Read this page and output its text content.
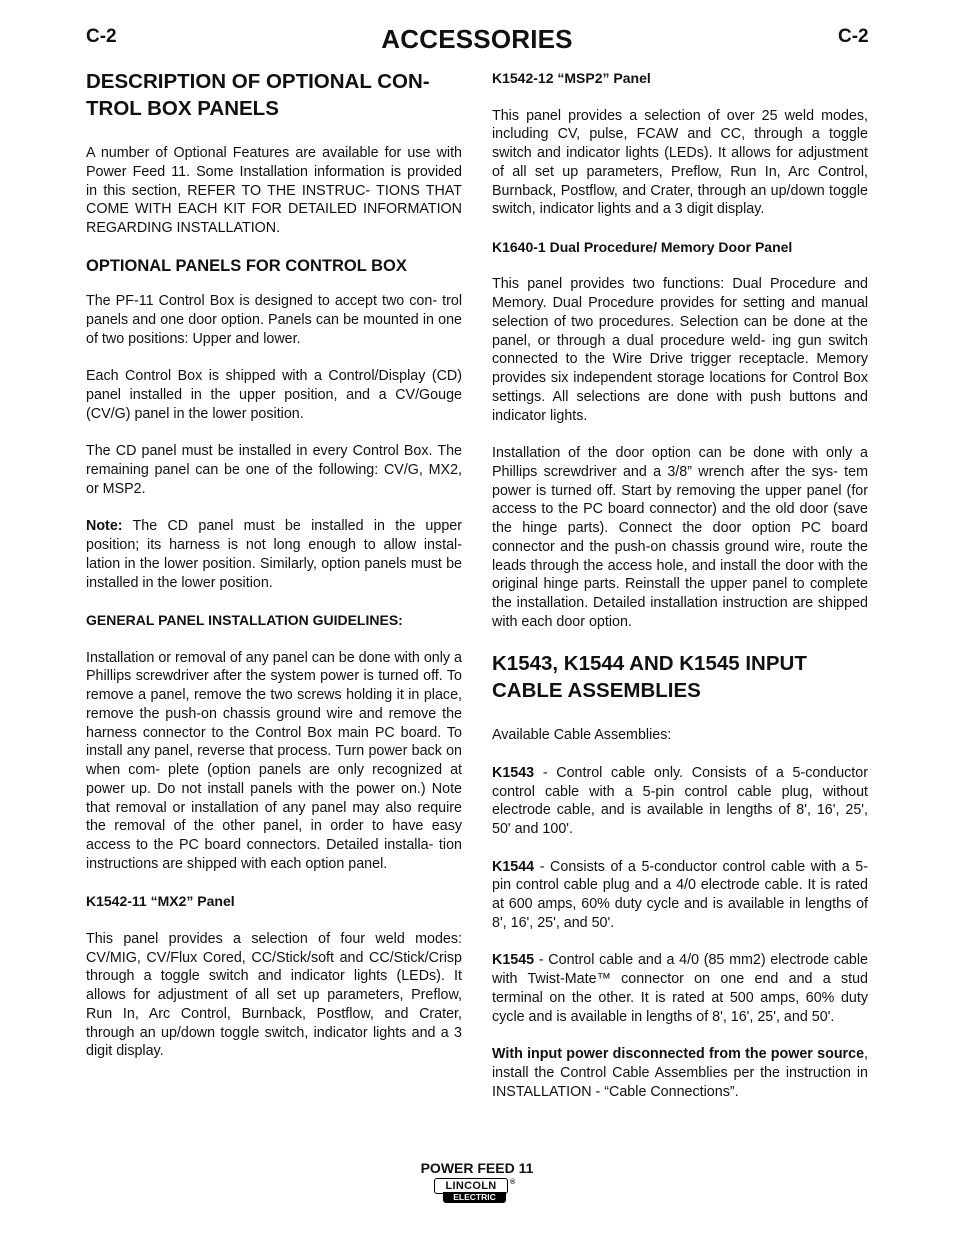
C-2	ACCESSORIES	C-2
DESCRIPTION OF OPTIONAL CON- TROL BOX PANELS

A number of Optional Features are available for use with Power Feed 11. Some Installation information is provided in this section, REFER TO THE INSTRUC- TIONS THAT COME WITH EACH KIT FOR DETAILED INFORMATION REGARDING INSTALLATION.

OPTIONAL PANELS FOR CONTROL BOX

The PF-11 Control Box is designed to accept two con- trol panels and one door option. Panels can be mounted in one of two positions: Upper and lower.

Each Control Box is shipped with a Control/Display (CD) panel installed in the upper position, and a CV/Gouge (CV/G) panel in the lower position.

The CD panel must be installed in every Control Box. The remaining panel can be one of the following: CV/G, MX2, or MSP2.

Note: The CD panel must be installed in the upper position; its harness is not long enough to allow instal- lation in the lower position. Similarly, option panels must be installed in the lower position.

GENERAL PANEL INSTALLATION GUIDELINES:

Installation or removal of any panel can be done with only a Phillips screwdriver after the system power is turned off. To remove a panel, remove the two screws holding it in place, remove the push-on chassis ground wire and remove the harness connector to the Control Box main PC board. To install any panel, reverse that process. Turn power back on when com- plete (option panels are only recognized at power up. Do not install panels with the power on.) Note that removal or installation of any panel may also require the removal of the other panel, in order to have easy access to the PC board connectors. Detailed installa- tion instructions are shipped with each option panel.

K1542-11 “MX2” Panel

This panel provides a selection of four weld modes: CV/MIG, CV/Flux Cored, CC/Stick/soft and CC/Stick/Crisp through a toggle switch and indicator lights (LEDs). It allows for adjustment of all set up parameters, Preflow, Run In, Arc Control, Burnback, Postflow, and Crater, through an up/down toggle switch, indicator lights and a 3 digit display.

K1542-12 “MSP2” Panel

This panel provides a selection of over 25 weld modes, including CV, pulse, FCAW and CC, through a toggle switch and indicator lights (LEDs). It allows for adjustment of all set up parameters, Preflow, Run In, Arc Control, Burnback, Postflow, and Crater, through an up/down toggle switch, indicator lights and a 3 digit display.

K1640-1 Dual Procedure/ Memory Door Panel

This panel provides two functions: Dual Procedure and Memory. Dual Procedure provides for setting and manual selection of two procedures. Selection can be done at the panel, or through a dual procedure weld- ing gun switch connected to the Wire Drive trigger receptacle. Memory provides six independent storage locations for Control Box settings. All selections are done with push buttons and indicator lights.

Installation of the door option can be done with only a Phillips screwdriver and a 3/8” wrench after the sys- tem power is turned off. Start by removing the upper panel (for access to the PC board connector) and the old door (save the hinge parts). Connect the door option PC board connector and the push-on chassis ground wire, route the leads through the access hole, and install the door with the original hinge parts. Reinstall the upper panel to complete the installation. Detailed installation instruction are shipped with each door option.

K1543, K1544 AND K1545 INPUT CABLE ASSEMBLIES

Available Cable Assemblies:

K1543 - Control cable only. Consists of a 5-conductor control cable with a 5-pin control cable plug, without electrode cable, and is available in lengths of 8', 16', 25', 50' and 100'.

K1544 - Consists of a 5-conductor control cable with a 5-pin control cable plug and a 4/0 electrode cable. It is rated at 600 amps, 60% duty cycle and is available in lengths of 8', 16', 25', and 50'.

K1545 - Control cable and a 4/0 (85 mm2) electrode cable with Twist-Mate™ connector on one end and a stud terminal on the other. It is rated at 500 amps, 60% duty cycle and is available in lengths of 8', 16', 25', and 50'.

With input power disconnected from the power source, install the Control Cable Assemblies per the instruction in INSTALLATION - “Cable Connections”.

POWER FEED 11
LINCOLN
ELECTRIC
®
